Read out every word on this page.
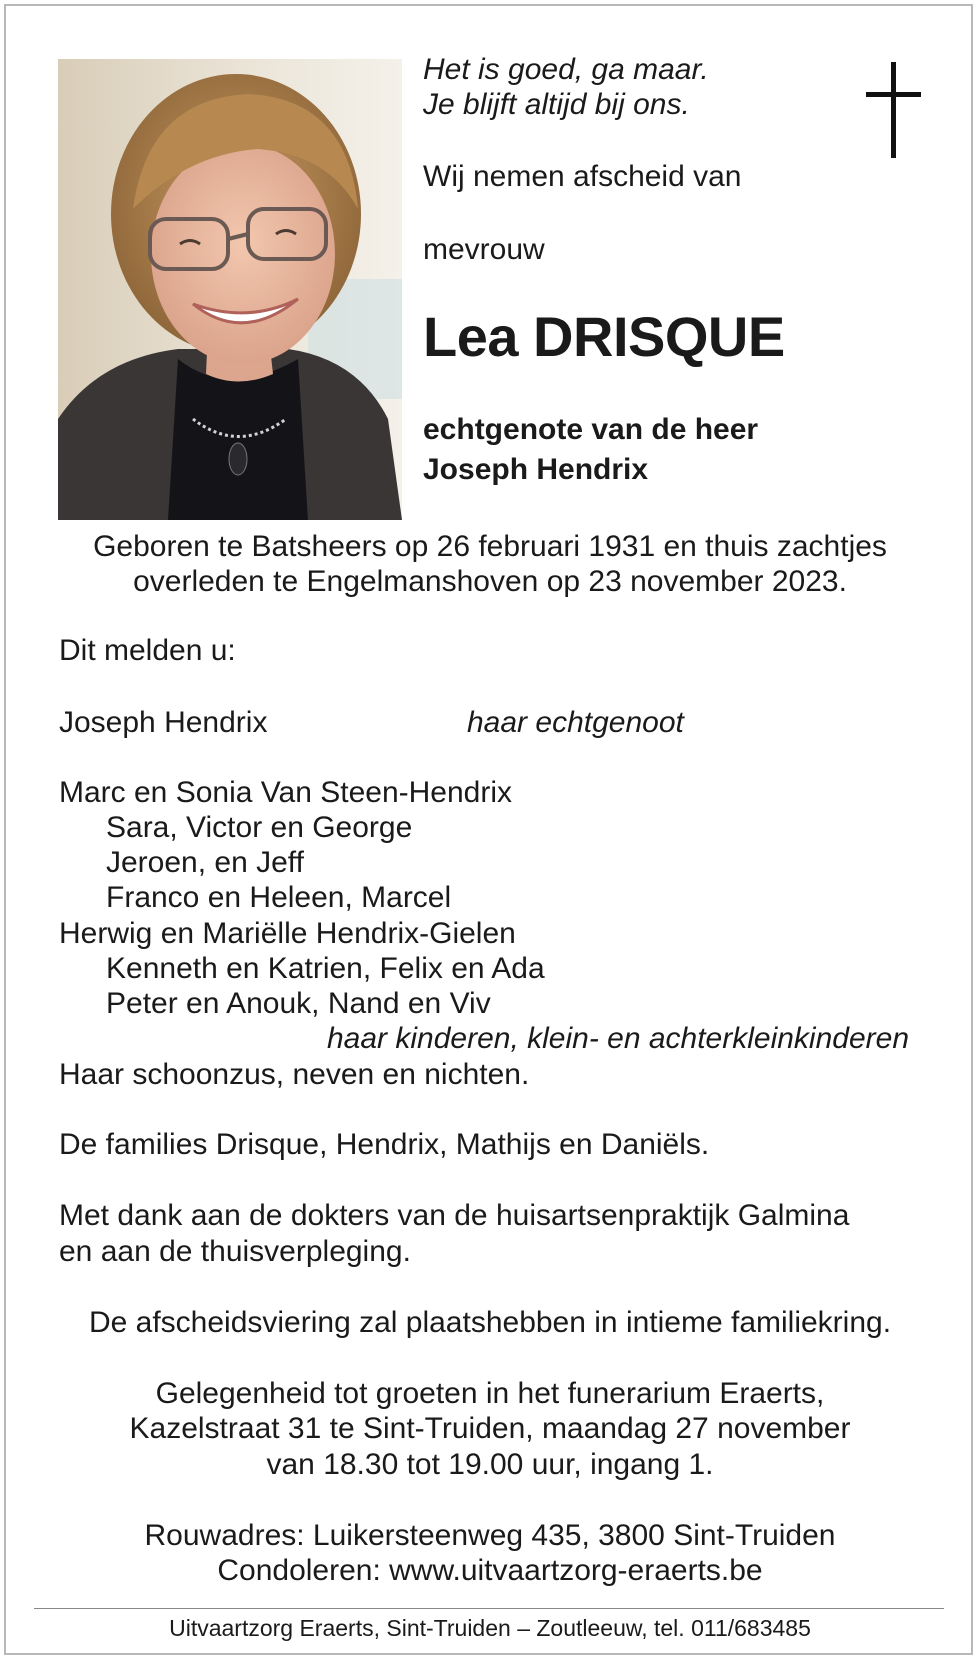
Het is goed, ga maar.
Je blijft altijd bij ons.
Wij nemen afscheid van
mevrouw
Lea DRISQUE
echtgenote van de heer
Joseph Hendrix
Geboren te Batsheers op 26 februari 1931 en thuis zachtjes
overleden te Engelmanshoven op 23 november 2023.
Dit melden u:
Joseph Hendrix	haar echtgenoot
Marc en Sonia Van Steen-Hendrix
Sara, Victor en George
Jeroen, en Jeff
Franco en Heleen, Marcel
Herwig en Mariëlle Hendrix-Gielen
Kenneth en Katrien, Felix en Ada
Peter en Anouk, Nand en Viv
haar kinderen, klein- en achterkleinkinderen
Haar schoonzus, neven en nichten.
De families Drisque, Hendrix, Mathijs en Daniëls.
Met dank aan de dokters van de huisartsenpraktijk Galmina
en aan de thuisverpleging.
De afscheidsviering zal plaatshebben in intieme familiekring.
Gelegenheid tot groeten in het funerarium Eraerts,
Kazelstraat 31 te Sint-Truiden, maandag 27 november
van 18.30 tot 19.00 uur, ingang 1.
Rouwadres: Luikersteenweg 435, 3800 Sint-Truiden
Condoleren: www.uitvaartzorg-eraerts.be
Uitvaartzorg Eraerts, Sint-Truiden – Zoutleeuw, tel. 011/683485
